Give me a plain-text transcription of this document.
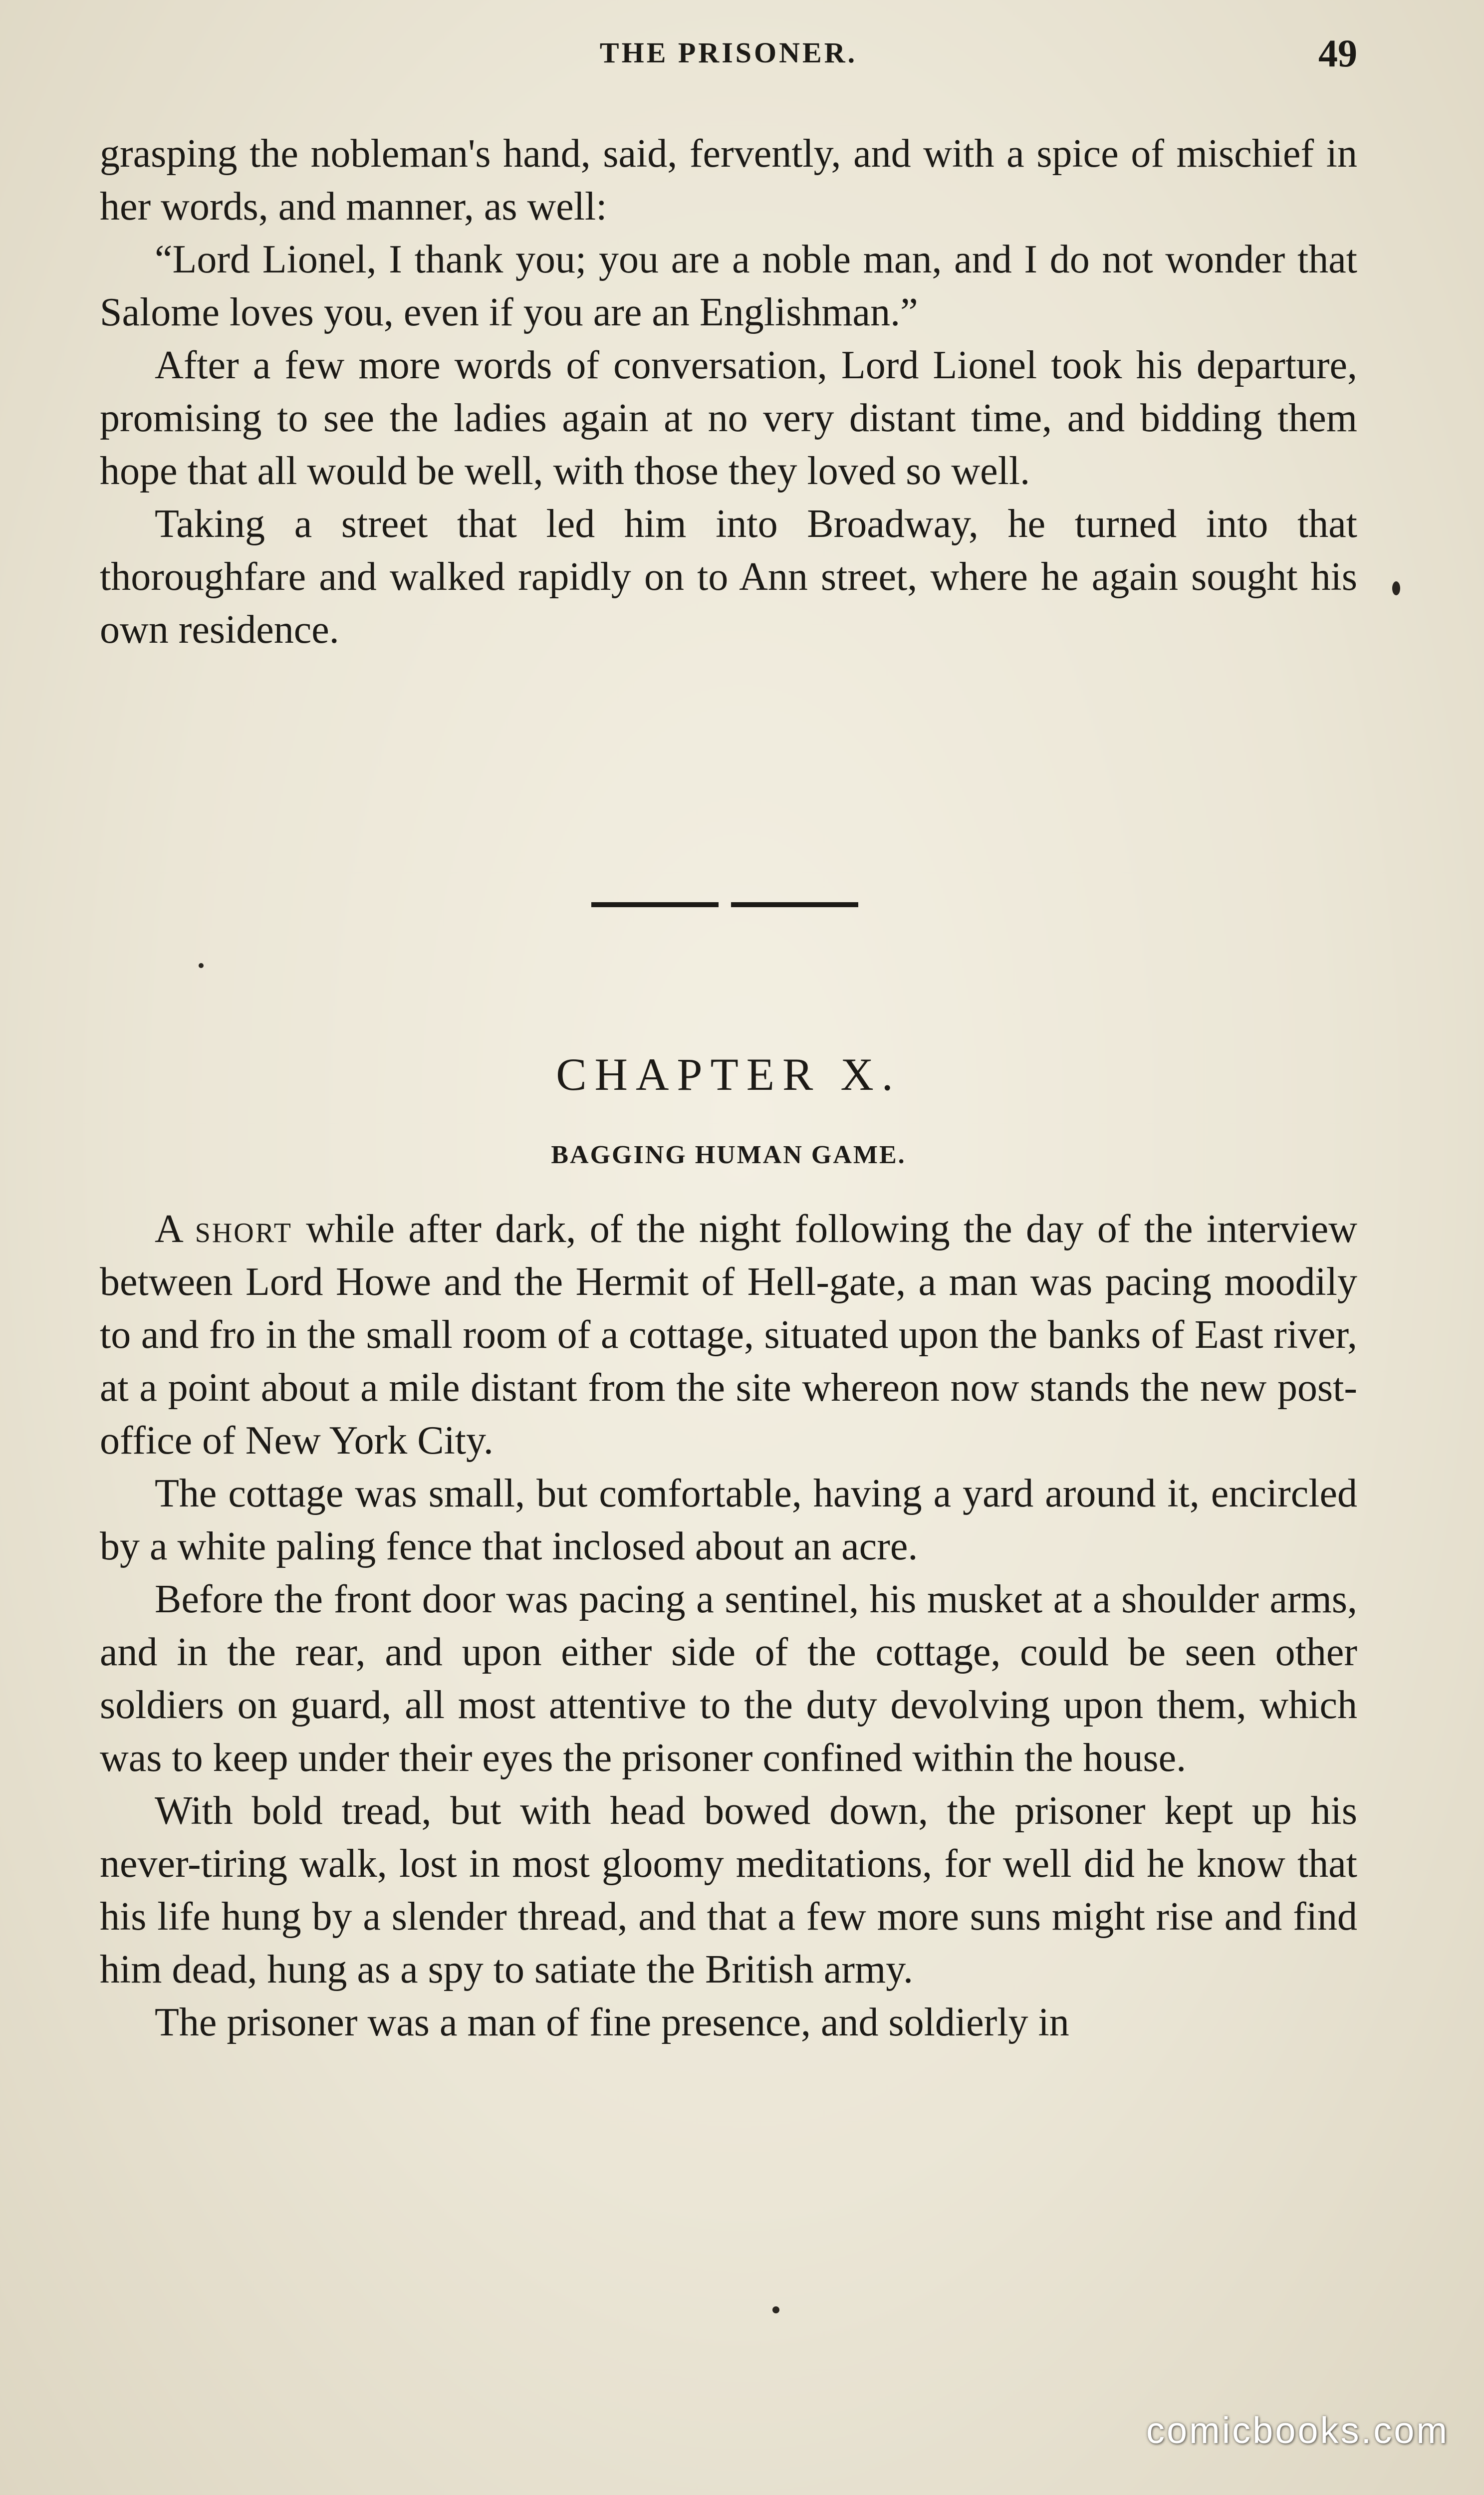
THE PRISONER.	49

grasping the nobleman's hand, said, fervently, and with a spice of mischief in her words, and manner, as well:

“Lord Lionel, I thank you; you are a noble man, and I do not wonder that Salome loves you, even if you are an Englishman.”

After a few more words of conversation, Lord Lionel took his departure, promising to see the ladies again at no very distant time, and bidding them hope that all would be well, with those they loved so well.

Taking a street that led him into Broadway, he turned into that thoroughfare and walked rapidly on to Ann street, where he again sought his own residence.

CHAPTER X.
BAGGING HUMAN GAME.

A short while after dark, of the night following the day of the interview between Lord Howe and the Hermit of Hell-gate, a man was pacing moodily to and fro in the small room of a cottage, situated upon the banks of East river, at a point about a mile distant from the site whereon now stands the new post-office of New York City.

The cottage was small, but comfortable, having a yard around it, encircled by a white paling fence that inclosed about an acre.

Before the front door was pacing a sentinel, his musket at a shoulder arms, and in the rear, and upon either side of the cottage, could be seen other soldiers on guard, all most attentive to the duty devolving upon them, which was to keep under their eyes the prisoner confined within the house.

With bold tread, but with head bowed down, the prisoner kept up his never-tiring walk, lost in most gloomy meditations, for well did he know that his life hung by a slender thread, and that a few more suns might rise and find him dead, hung as a spy to satiate the British army.

The prisoner was a man of fine presence, and soldierly in

comicbooks.com
